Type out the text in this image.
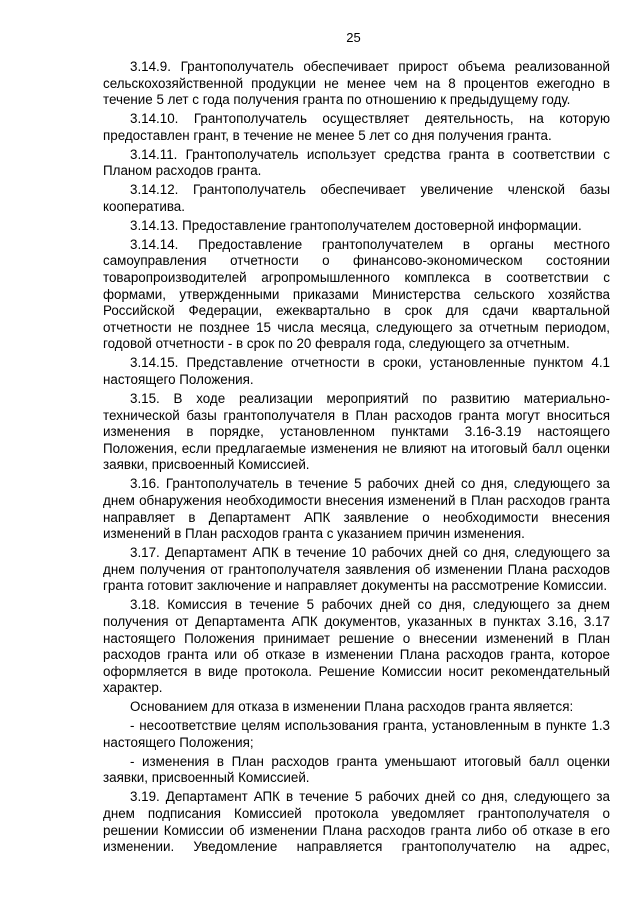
25

3.14.9. Грантополучатель обеспечивает прирост объема реализованной сельскохозяйственной продукции не менее чем на 8 процентов ежегодно в течение 5 лет с года получения гранта по отношению к предыдущему году.

3.14.10. Грантополучатель осуществляет деятельность, на которую предоставлен грант, в течение не менее 5 лет со дня получения гранта.

3.14.11. Грантополучатель использует средства гранта в соответствии с Планом расходов гранта.

3.14.12. Грантополучатель обеспечивает увеличение членской базы кооператива.

3.14.13. Предоставление грантополучателем достоверной информации.

3.14.14. Предоставление грантополучателем в органы местного самоуправления отчетности о финансово-экономическом состоянии товаропроизводителей агропромышленного комплекса в соответствии с формами, утвержденными приказами Министерства сельского хозяйства Российской Федерации, ежеквартально в срок для сдачи квартальной отчетности не позднее 15 числа месяца, следующего за отчетным периодом, годовой отчетности - в срок по 20 февраля года, следующего за отчетным.

3.14.15. Представление отчетности в сроки, установленные пунктом 4.1 настоящего Положения.

3.15. В ходе реализации мероприятий по развитию материально-технической базы грантополучателя в План расходов гранта могут вноситься изменения в порядке, установленном пунктами 3.16-3.19 настоящего Положения, если предлагаемые изменения не влияют на итоговый балл оценки заявки, присвоенный Комиссией.

3.16. Грантополучатель в течение 5 рабочих дней со дня, следующего за днем обнаружения необходимости внесения изменений в План расходов гранта направляет в Департамент АПК заявление о необходимости внесения изменений в План расходов гранта с указанием причин изменения.

3.17. Департамент АПК в течение 10 рабочих дней со дня, следующего за днем получения от грантополучателя заявления об изменении Плана расходов гранта готовит заключение и направляет документы на рассмотрение Комиссии.

3.18. Комиссия в течение 5 рабочих дней со дня, следующего за днем получения от Департамента АПК документов, указанных в пунктах 3.16, 3.17 настоящего Положения принимает решение о внесении изменений в План расходов гранта или об отказе в изменении Плана расходов гранта, которое оформляется в виде протокола. Решение Комиссии носит рекомендательный характер.

Основанием для отказа в изменении Плана расходов гранта является:

- несоответствие целям использования гранта, установленным в пункте 1.3 настоящего Положения;

- изменения в План расходов гранта уменьшают итоговый балл оценки заявки, присвоенный Комиссией.

3.19. Департамент АПК в течение 5 рабочих дней со дня, следующего за днем подписания Комиссией протокола уведомляет грантополучателя о решении Комиссии об изменении Плана расходов гранта либо об отказе в его изменении. Уведомление направляется грантополучателю на адрес,
